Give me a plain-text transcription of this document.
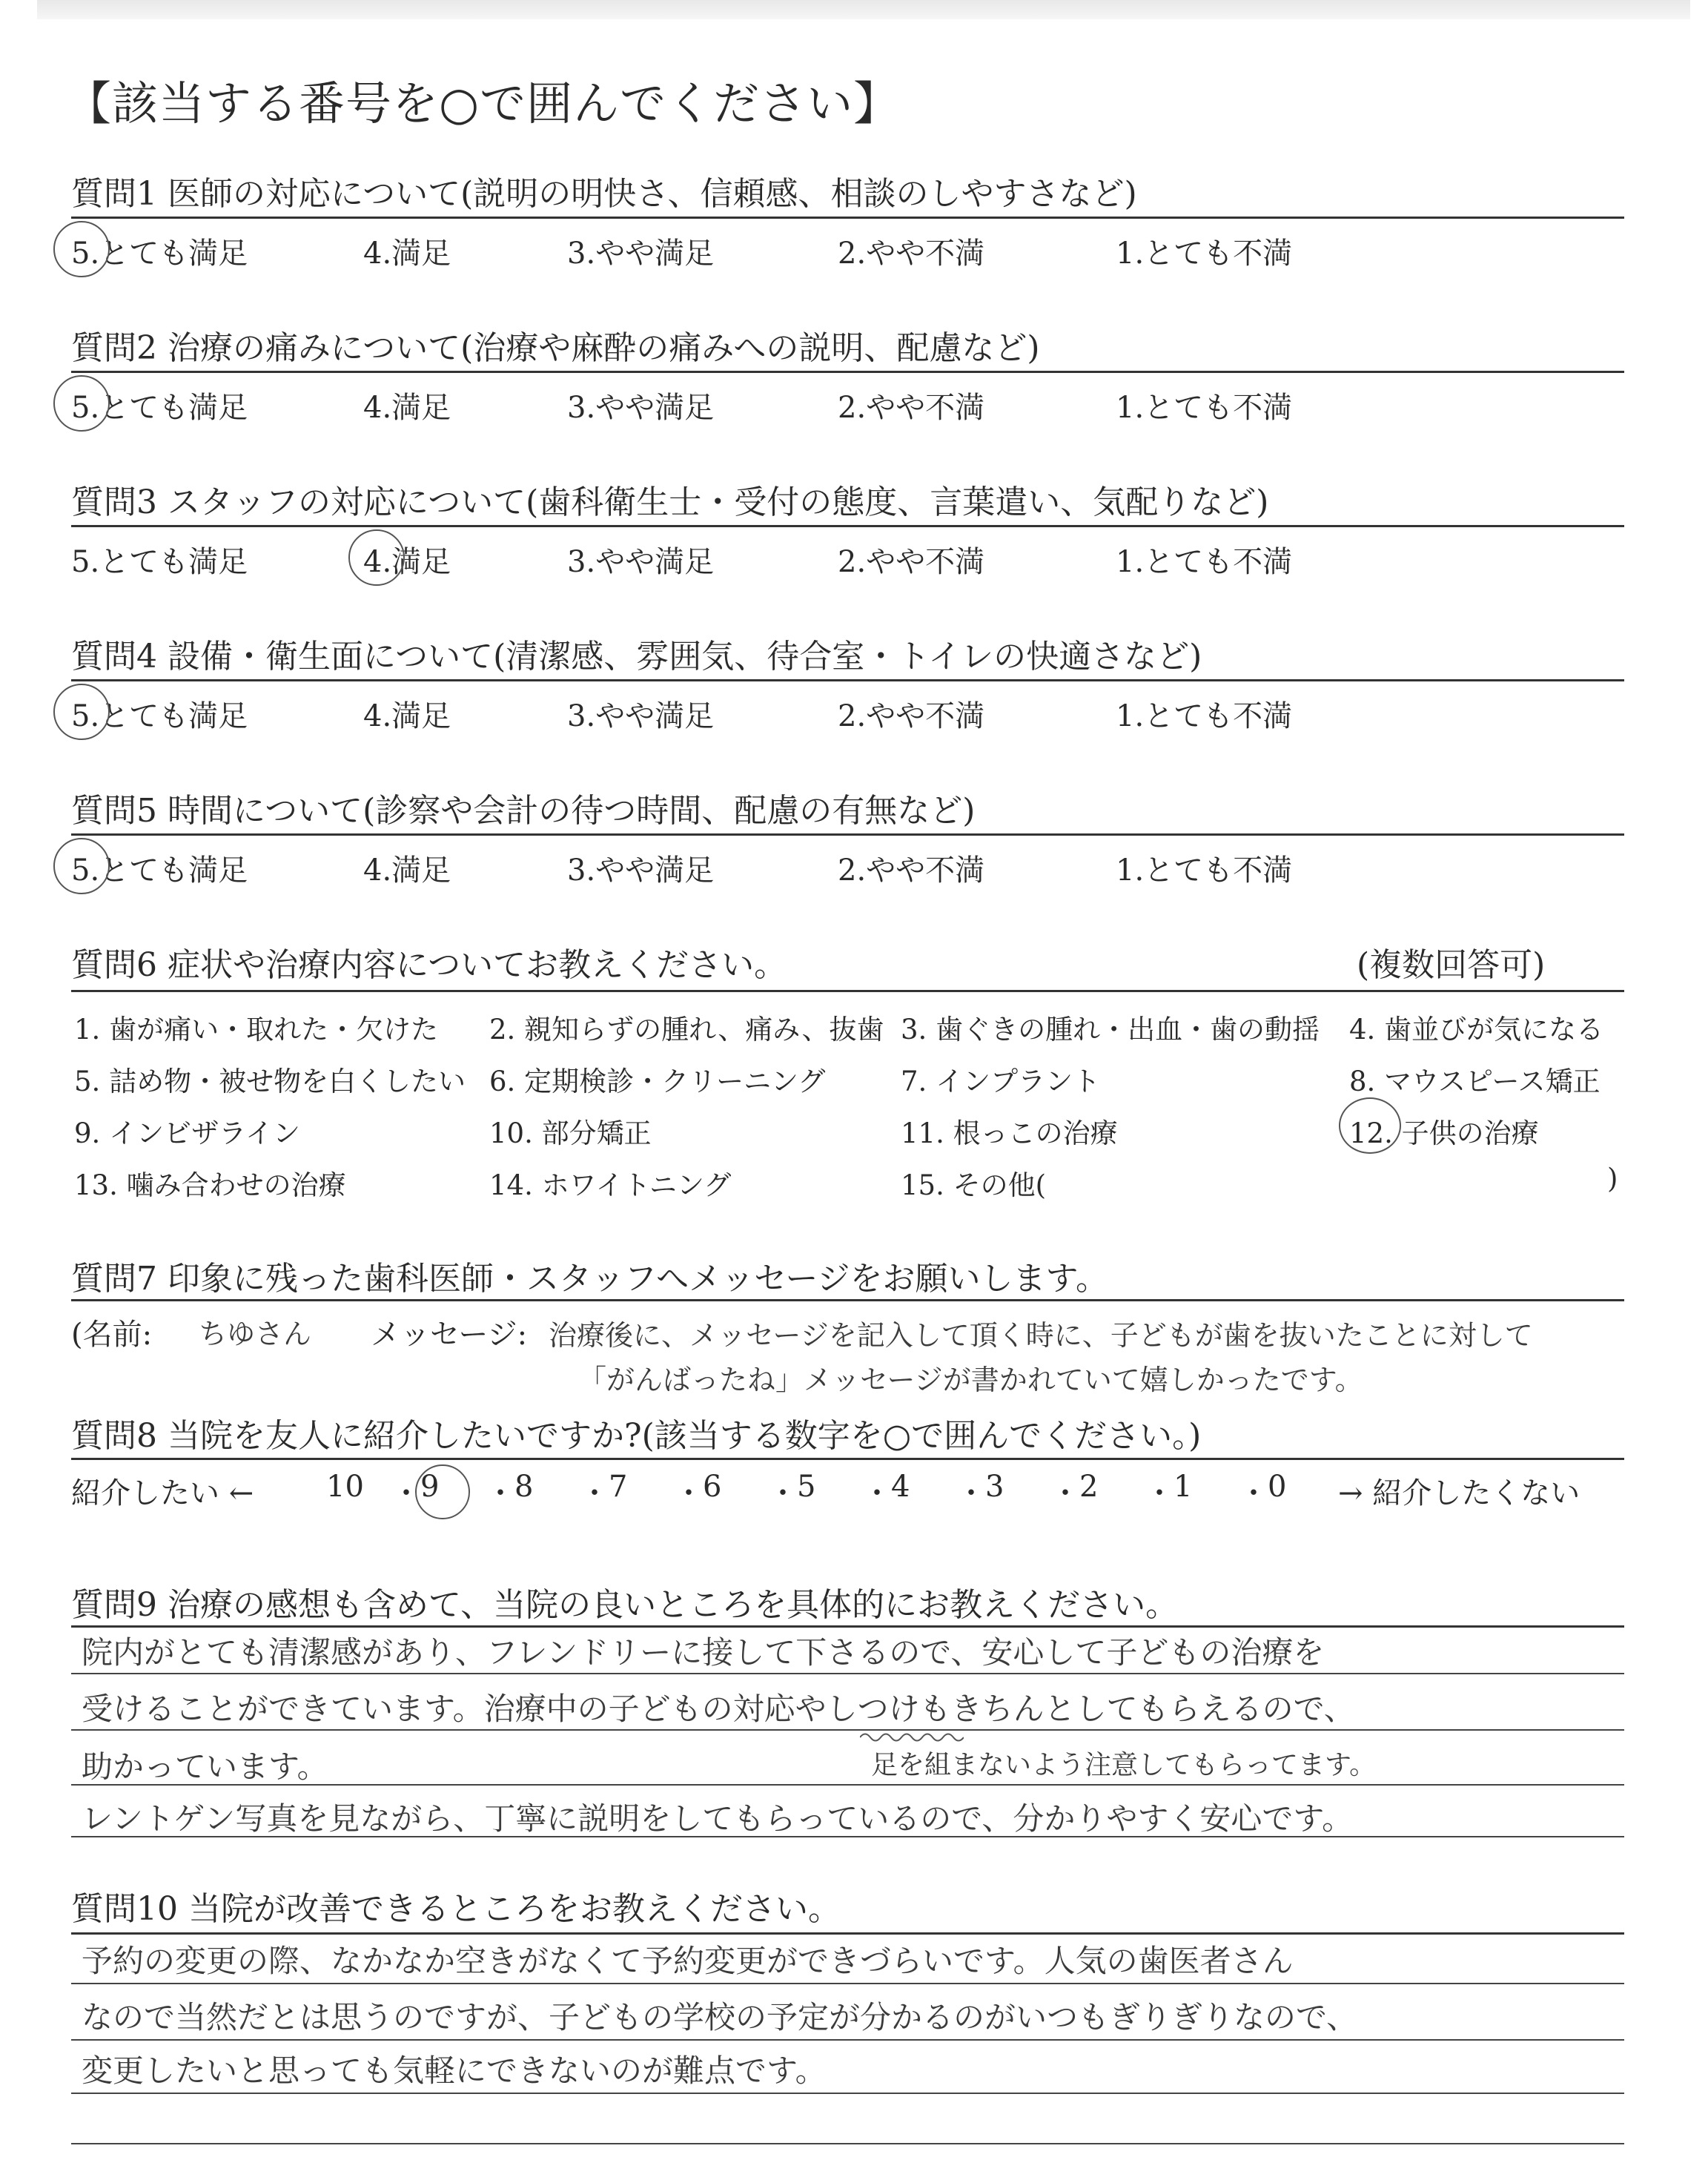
【該当する番号を○で囲んでください】
質問1 医師の対応について(説明の明快さ、信頼感、相談のしやすさなど)
5.とても満足	4.満足	3.やや満足	2.やや不満	1.とても不満
質問2 治療の痛みについて(治療や麻酔の痛みへの説明、配慮など)
5.とても満足	4.満足	3.やや満足	2.やや不満	1.とても不満
質問3 スタッフの対応について(歯科衛生士・受付の態度、言葉遣い、気配りなど)
5.とても満足	4.満足	3.やや満足	2.やや不満	1.とても不満
質問4 設備・衛生面について(清潔感、雰囲気、待合室・トイレの快適さなど)
5.とても満足	4.満足	3.やや満足	2.やや不満	1.とても不満
質問5 時間について(診察や会計の待つ時間、配慮の有無など)
5.とても満足	4.満足	3.やや満足	2.やや不満	1.とても不満
質問6 症状や治療内容についてお教えください。	(複数回答可)
1. 歯が痛い・取れた・欠けた 2. 親知らずの腫れ、痛み、抜歯 3. 歯ぐきの腫れ・出血・歯の動揺 4. 歯並びが気になる
5. 詰め物・被せ物を白くしたい 6. 定期検診・クリーニング	7. インプラント	8. マウスピース矯正
9. インビザライン	10. 部分矯正	11. 根っこの治療	12. 子供の治療
13. 噛み合わせの治療	14. ホワイトニング	15. その他(	)
質問7 印象に残った歯科医師・スタッフへメッセージをお願いします。
(名前: ちゆさん メッセージ: 治療後に、メッセージを記入して頂く時に、子どもが歯を抜いたことに対して
「がんばったね」メッセージが書かれていて嬉しかったです。
質問8 当院を友人に紹介したいですか?(該当する数字を○で囲んでください。)
紹介したい ← 10 ・ 9 ・ 8 ・ 7 ・ 6 ・ 5 ・ 4 ・ 3 ・ 2 ・ 1 ・ 0 → 紹介したくない
質問9 治療の感想も含めて、当院の良いところを具体的にお教えください。
院内がとても清潔感があり、フレンドリーに接して下さるので、安心して子どもの治療を
受けることができています。治療中の子どもの対応やしつけもきちんとしてもらえるので、
助かっています。	足を組まないよう注意してもらってます。
レントゲン写真を見ながら、丁寧に説明をしてもらっているので、分かりやすく安心です。
質問10 当院が改善できるところをお教えください。
予約の変更の際、なかなか空きがなくて予約変更ができづらいです。人気の歯医者さん
なので当然だとは思うのですが、子どもの学校の予定が分かるのがいつもぎりぎりなので、
変更したいと思っても気軽にできないのが難点です。
